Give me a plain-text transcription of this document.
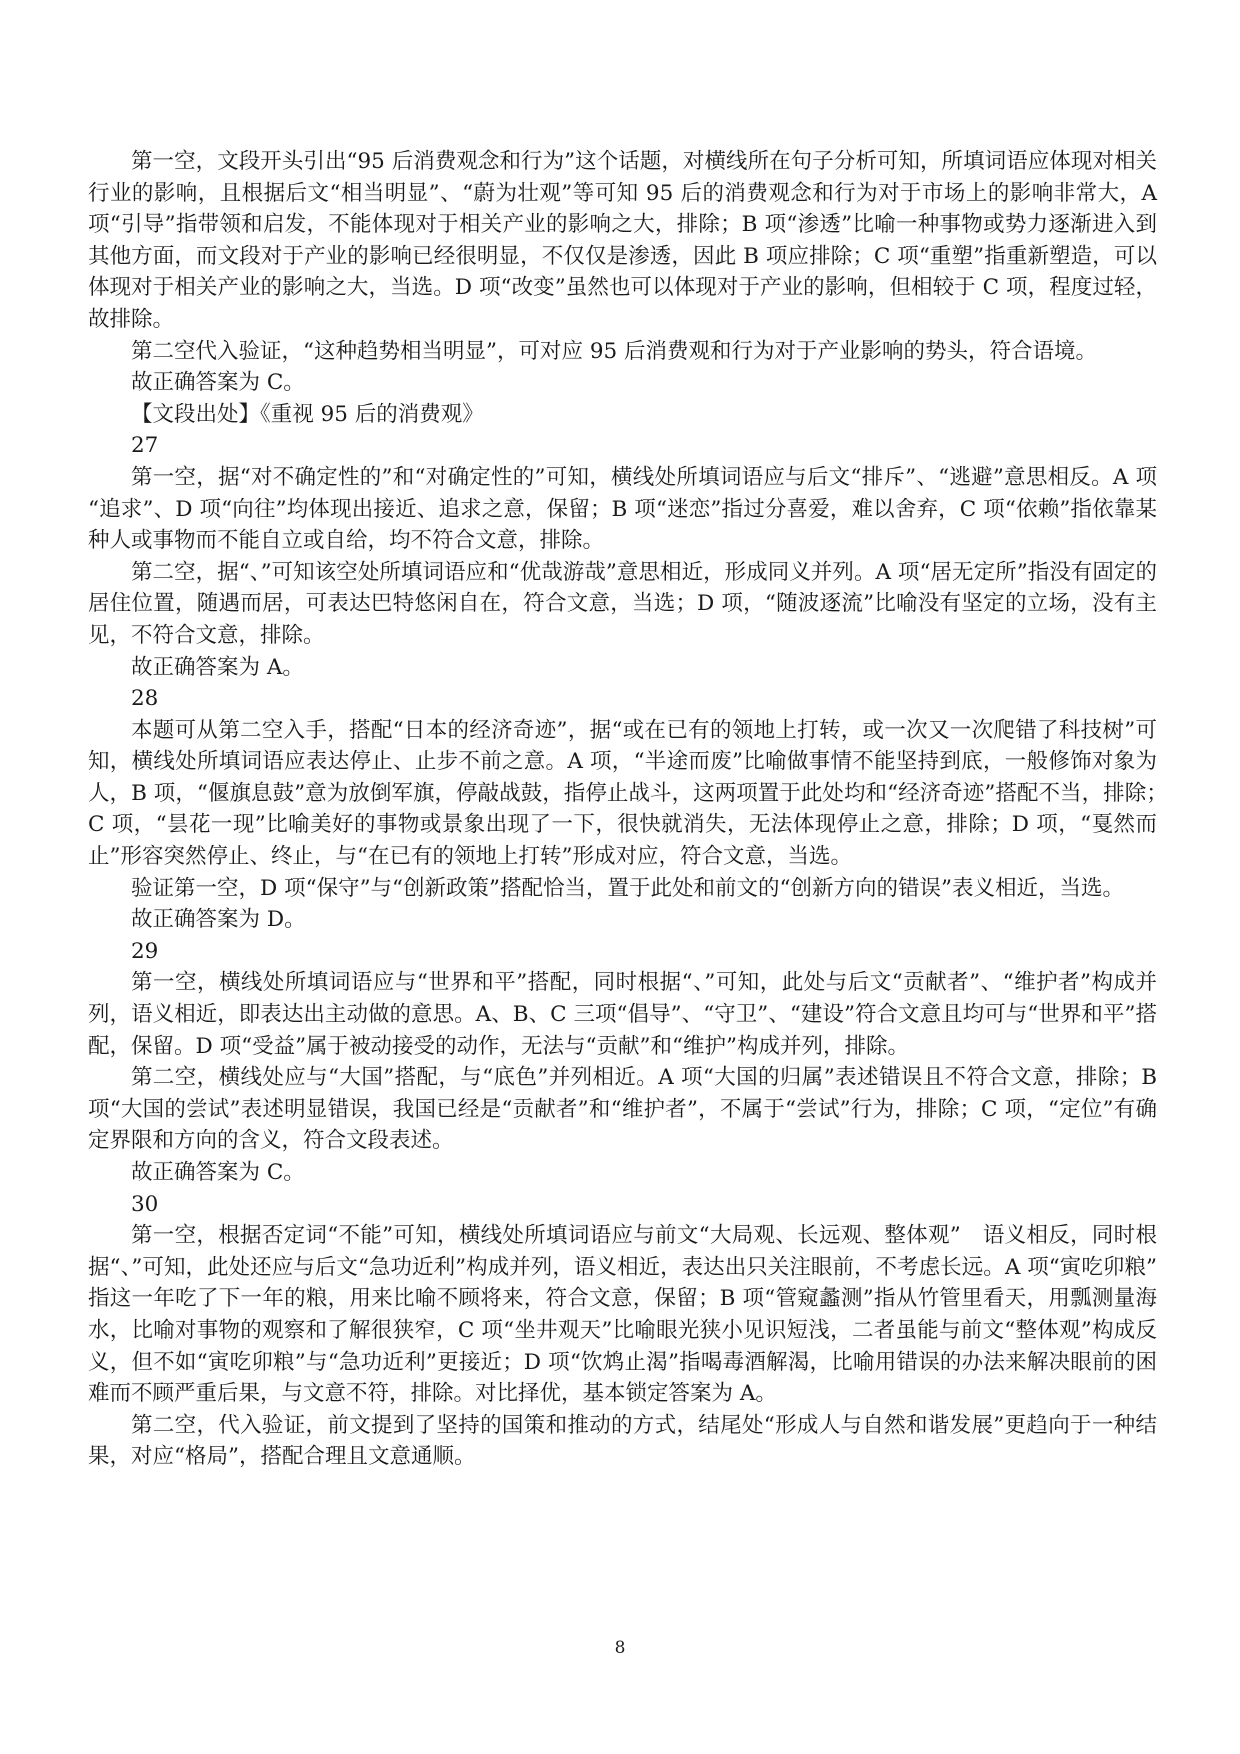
第一空，文段开头引出“95 后消费观念和行为”这个话题，对横线所在句子分析可知，所填词语应体现对相关行业的影响，且根据后文“相当明显”、“蔚为壮观”等可知 95 后的消费观念和行为对于市场上的影响非常大，A 项“引导”指带领和启发，不能体现对于相关产业的影响之大，排除；B 项“渗透”比喻一种事物或势力逐渐进入到其他方面，而文段对于产业的影响已经很明显，不仅仅是渗透，因此 B 项应排除；C 项“重塑”指重新塑造，可以体现对于相关产业的影响之大，当选。D 项“改变”虽然也可以体现对于产业的影响，但相较于 C 项，程度过轻，故排除。

第二空代入验证，“这种趋势相当明显”，可对应 95 后消费观和行为对于产业影响的势头，符合语境。

故正确答案为 C。

【文段出处】《重视 95 后的消费观》

27

第一空，据“对不确定性的”和“对确定性的”可知，横线处所填词语应与后文“排斥”、“逃避”意思相反。A 项“追求”、D 项“向往”均体现出接近、追求之意，保留；B 项“迷恋”指过分喜爱，难以舍弃，C 项“依赖”指依靠某种人或事物而不能自立或自给，均不符合文意，排除。

第二空，据“、”可知该空处所填词语应和“优哉游哉”意思相近，形成同义并列。A 项“居无定所”指没有固定的居住位置，随遇而居，可表达巴特悠闲自在，符合文意，当选；D 项，“随波逐流”比喻没有坚定的立场，没有主见，不符合文意，排除。

故正确答案为 A。

28

本题可从第二空入手，搭配“日本的经济奇迹”，据“或在已有的领地上打转，或一次又一次爬错了科技树”可知，横线处所填词语应表达停止、止步不前之意。A 项，“半途而废”比喻做事情不能坚持到底，一般修饰对象为人，B 项，“偃旗息鼓”意为放倒军旗，停敲战鼓，指停止战斗，这两项置于此处均和“经济奇迹”搭配不当，排除；　C 项，“昙花一现”比喻美好的事物或景象出现了一下，很快就消失，无法体现停止之意，排除；D 项，“戛然而止”形容突然停止、终止，与“在已有的领地上打转”形成对应，符合文意，当选。

验证第一空，D 项“保守”与“创新政策”搭配恰当，置于此处和前文的“创新方向的错误”表义相近，当选。

故正确答案为 D。

29

第一空，横线处所填词语应与“世界和平”搭配，同时根据“、”可知，此处与后文“贡献者”、“维护者”构成并列，语义相近，即表达出主动做的意思。A、B、C 三项“倡导”、“守卫”、“建设”符合文意且均可与“世界和平”搭配，保留。D 项“受益”属于被动接受的动作，无法与“贡献”和“维护”构成并列，排除。

第二空，横线处应与“大国”搭配，与“底色”并列相近。A 项“大国的归属”表述错误且不符合文意，排除；B 项“大国的尝试”表述明显错误，我国已经是“贡献者”和“维护者”，不属于“尝试”行为，排除；C 项，“定位”有确定界限和方向的含义，符合文段表述。

故正确答案为 C。

30

第一空，根据否定词“不能”可知，横线处所填词语应与前文“大局观、长远观、整体观”　语义相反，同时根据“、”可知，此处还应与后文“急功近利”构成并列，语义相近，表达出只关注眼前，不考虑长远。A 项“寅吃卯粮”指这一年吃了下一年的粮，用来比喻不顾将来，符合文意，保留；B 项“管窥蠡测”指从竹管里看天，用瓢测量海水，比喻对事物的观察和了解很狭窄，C 项“坐井观天”比喻眼光狭小见识短浅，二者虽能与前文“整体观”构成反义，但不如“寅吃卯粮”与“急功近利”更接近；D 项“饮鸩止渴”指喝毒酒解渴，比喻用错误的办法来解决眼前的困难而不顾严重后果，与文意不符，排除。对比择优，基本锁定答案为 A。

第二空，代入验证，前文提到了坚持的国策和推动的方式，结尾处“形成人与自然和谐发展”更趋向于一种结果，对应“格局”，搭配合理且文意通顺。

8
